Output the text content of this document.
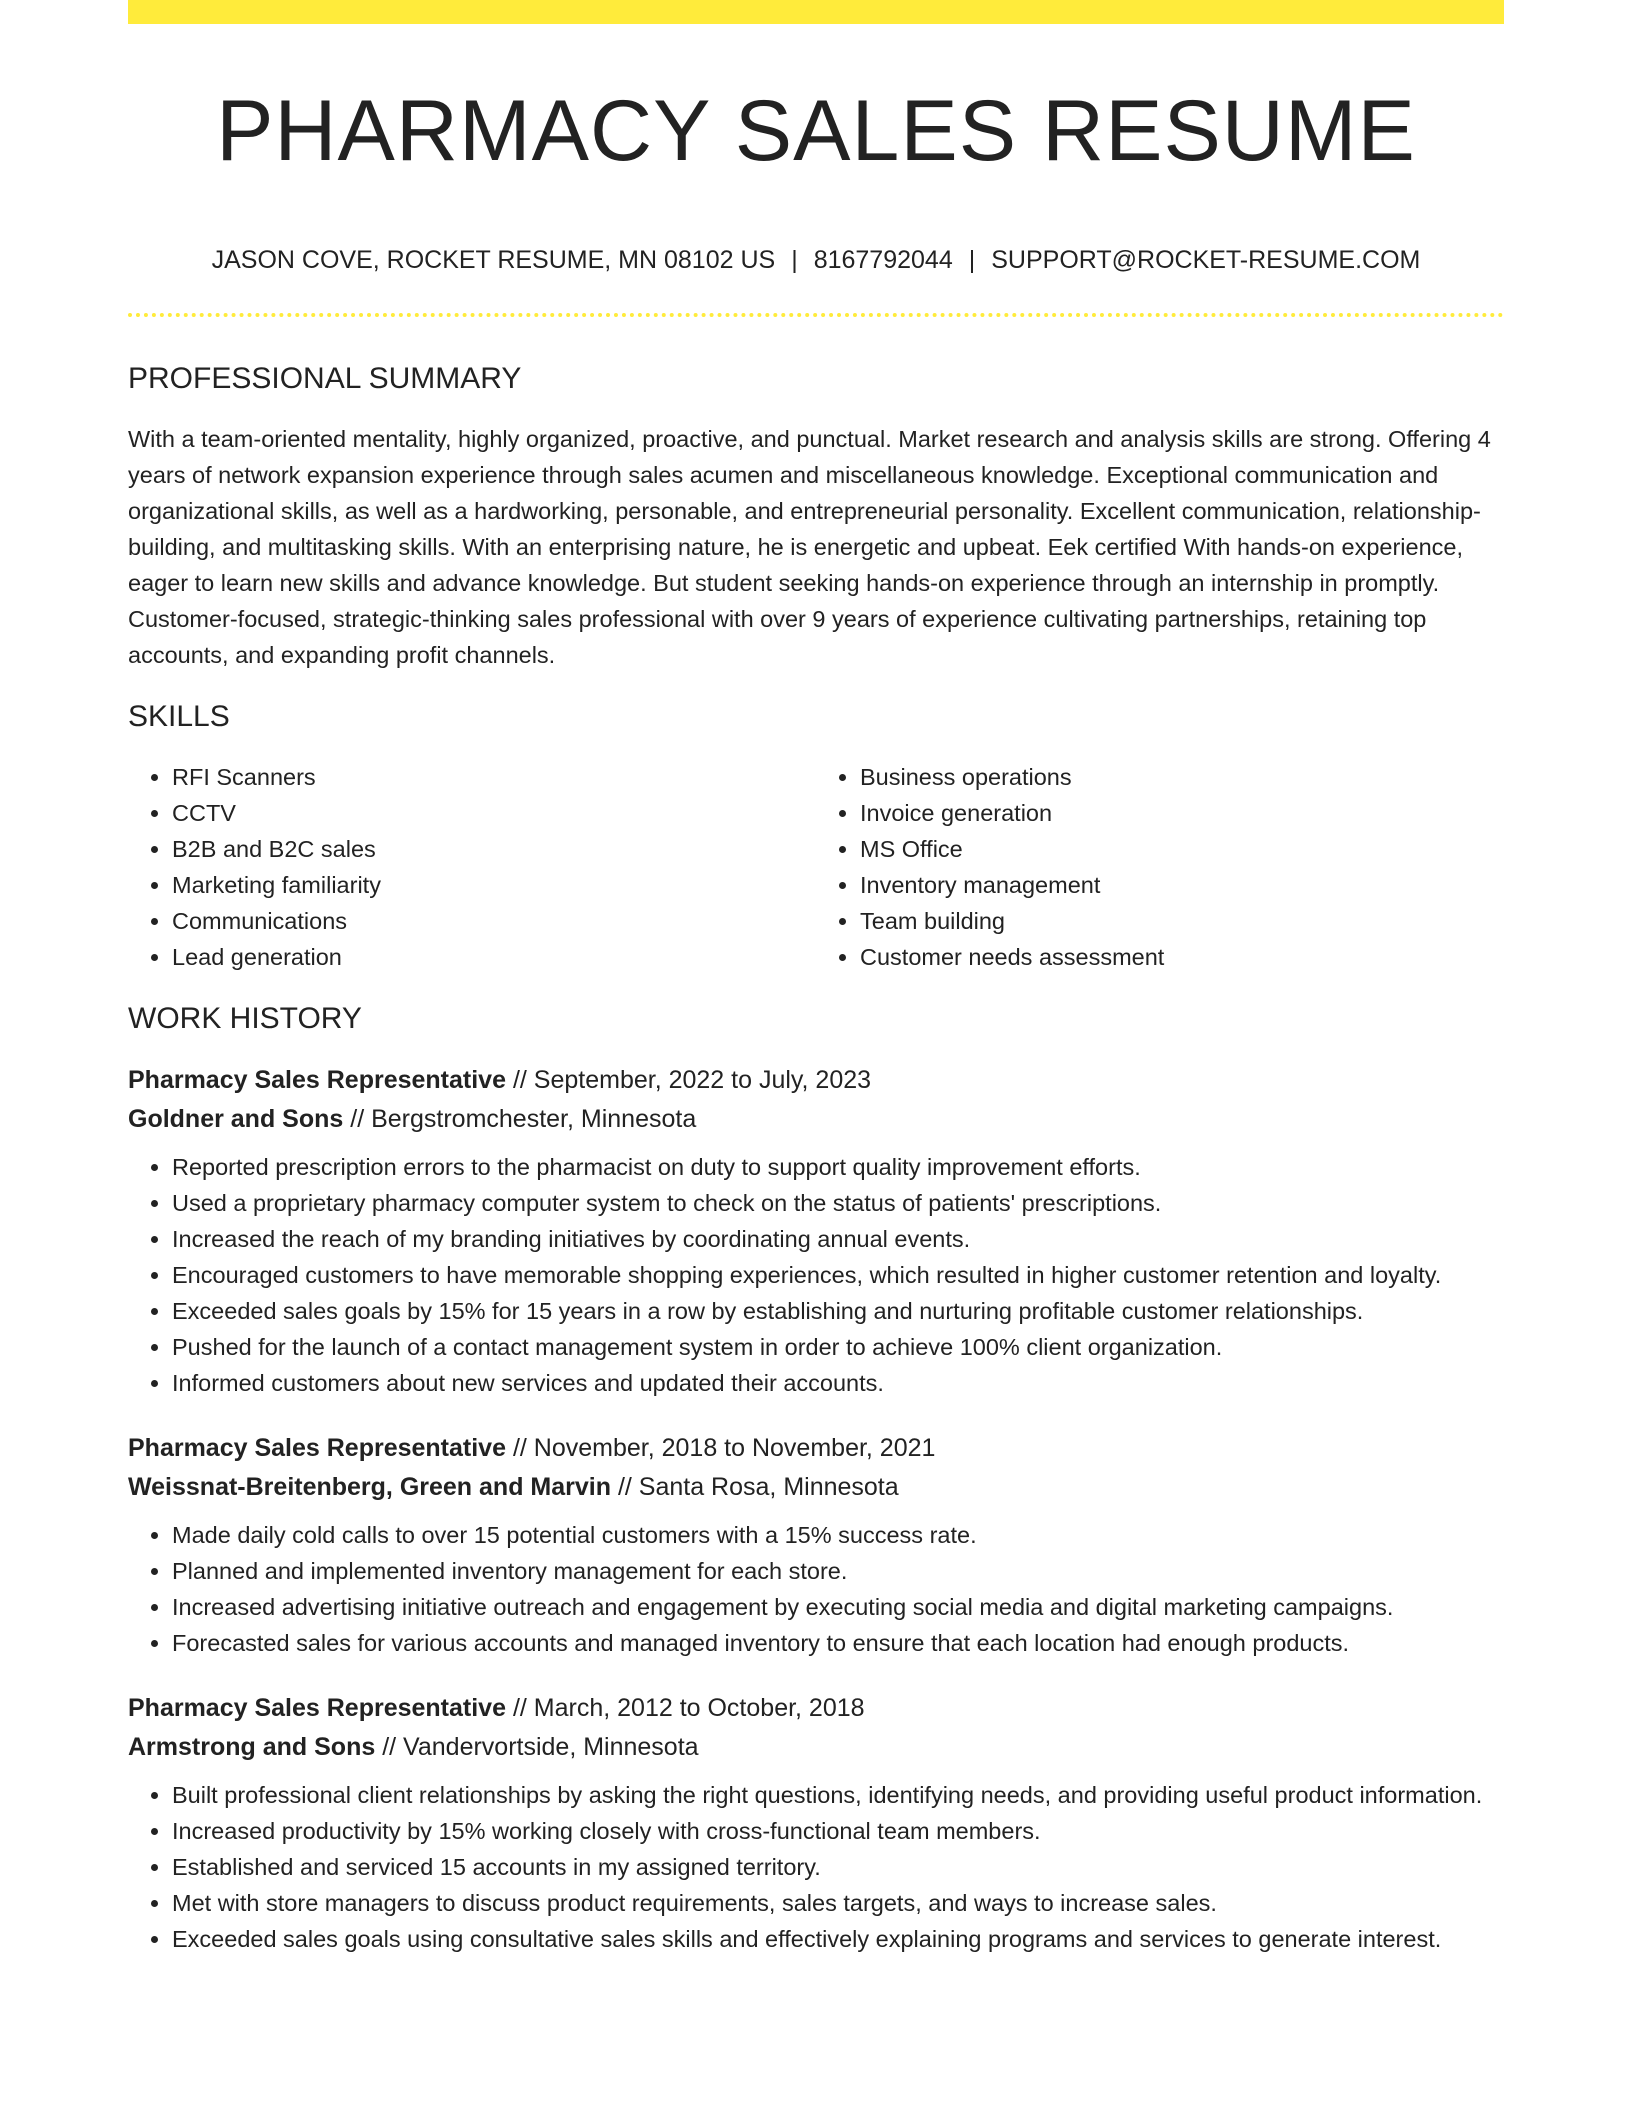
PHARMACY SALES RESUME
JASON COVE, ROCKET RESUME, MN 08102 US | 8167792044 | SUPPORT@ROCKET-RESUME.COM
PROFESSIONAL SUMMARY
With a team-oriented mentality, highly organized, proactive, and punctual. Market research and analysis skills are strong. Offering 4 years of network expansion experience through sales acumen and miscellaneous knowledge. Exceptional communication and organizational skills, as well as a hardworking, personable, and entrepreneurial personality. Excellent communication, relationship-building, and multitasking skills. With an enterprising nature, he is energetic and upbeat. Eek certified With hands-on experience, eager to learn new skills and advance knowledge. But student seeking hands-on experience through an internship in promptly. Customer-focused, strategic-thinking sales professional with over 9 years of experience cultivating partnerships, retaining top accounts, and expanding profit channels.
SKILLS
• RFI Scanners
• CCTV
• B2B and B2C sales
• Marketing familiarity
• Communications
• Lead generation
• Business operations
• Invoice generation
• MS Office
• Inventory management
• Team building
• Customer needs assessment
WORK HISTORY
Pharmacy Sales Representative // September, 2022 to July, 2023
Goldner and Sons // Bergstromchester, Minnesota
• Reported prescription errors to the pharmacist on duty to support quality improvement efforts.
• Used a proprietary pharmacy computer system to check on the status of patients' prescriptions.
• Increased the reach of my branding initiatives by coordinating annual events.
• Encouraged customers to have memorable shopping experiences, which resulted in higher customer retention and loyalty.
• Exceeded sales goals by 15% for 15 years in a row by establishing and nurturing profitable customer relationships.
• Pushed for the launch of a contact management system in order to achieve 100% client organization.
• Informed customers about new services and updated their accounts.
Pharmacy Sales Representative // November, 2018 to November, 2021
Weissnat-Breitenberg, Green and Marvin // Santa Rosa, Minnesota
• Made daily cold calls to over 15 potential customers with a 15% success rate.
• Planned and implemented inventory management for each store.
• Increased advertising initiative outreach and engagement by executing social media and digital marketing campaigns.
• Forecasted sales for various accounts and managed inventory to ensure that each location had enough products.
Pharmacy Sales Representative // March, 2012 to October, 2018
Armstrong and Sons // Vandervortside, Minnesota
• Built professional client relationships by asking the right questions, identifying needs, and providing useful product information.
• Increased productivity by 15% working closely with cross-functional team members.
• Established and serviced 15 accounts in my assigned territory.
• Met with store managers to discuss product requirements, sales targets, and ways to increase sales.
• Exceeded sales goals using consultative sales skills and effectively explaining programs and services to generate interest.
